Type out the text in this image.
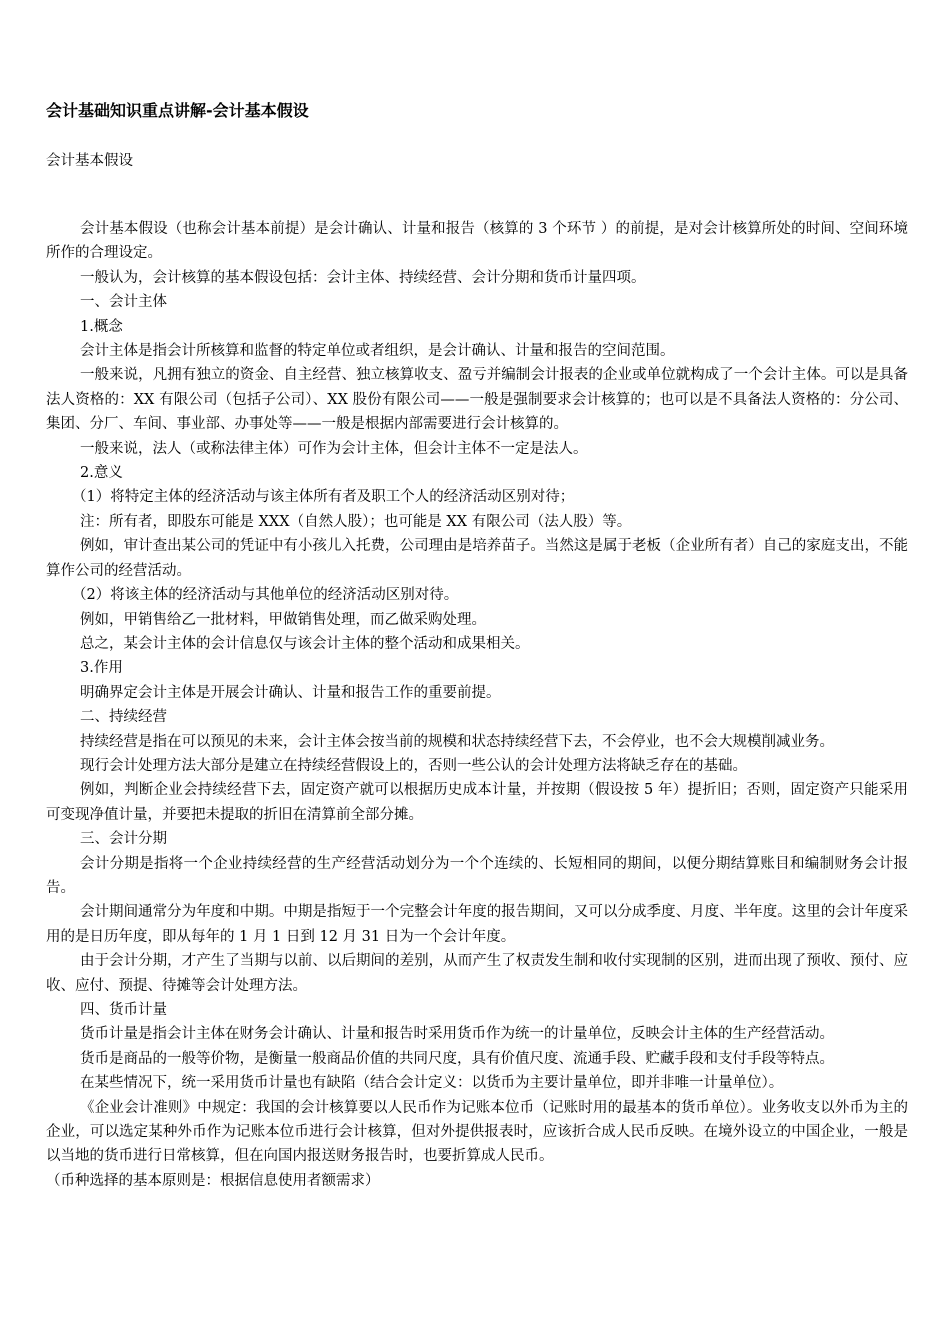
会计基础知识重点讲解-会计基本假设

会计基本假设

会计基本假设（也称会计基本前提）是会计确认、计量和报告（核算的 3 个环节 ）的前提，是对会计核算所处的时间、空间环境所作的合理设定。

一般认为，会计核算的基本假设包括：会计主体、持续经营、会计分期和货币计量四项。

一、会计主体

1.概念

会计主体是指会计所核算和监督的特定单位或者组织，是会计确认、计量和报告的空间范围。

一般来说，凡拥有独立的资金、自主经营、独立核算收支、盈亏并编制会计报表的企业或单位就构成了一个会计主体。可以是具备法人资格的：XX 有限公司（包括子公司）、XX 股份有限公司——一般是强制要求会计核算的；也可以是不具备法人资格的：分公司、集团、分厂、车间、事业部、办事处等——一般是根据内部需要进行会计核算的。

一般来说，法人（或称法律主体）可作为会计主体，但会计主体不一定是法人。

2.意义

（1）将特定主体的经济活动与该主体所有者及职工个人的经济活动区别对待；

注：所有者，即股东可能是 XXX（自然人股）；也可能是 XX 有限公司（法人股）等。

例如，审计查出某公司的凭证中有小孩儿入托费，公司理由是培养苗子。当然这是属于老板（企业所有者）自己的家庭支出，不能算作公司的经营活动。

（2）将该主体的经济活动与其他单位的经济活动区别对待。

例如，甲销售给乙一批材料，甲做销售处理，而乙做采购处理。

总之，某会计主体的会计信息仅与该会计主体的整个活动和成果相关。

3.作用

明确界定会计主体是开展会计确认、计量和报告工作的重要前提。

二、持续经营

持续经营是指在可以预见的未来，会计主体会按当前的规模和状态持续经营下去，不会停业，也不会大规模削减业务。

现行会计处理方法大部分是建立在持续经营假设上的，否则一些公认的会计处理方法将缺乏存在的基础。

例如，判断企业会持续经营下去，固定资产就可以根据历史成本计量，并按期（假设按 5 年）提折旧；否则，固定资产只能采用可变现净值计量，并要把未提取的折旧在清算前全部分摊。

三、会计分期

会计分期是指将一个企业持续经营的生产经营活动划分为一个个连续的、长短相同的期间，以便分期结算账目和编制财务会计报告。

会计期间通常分为年度和中期。中期是指短于一个完整会计年度的报告期间，又可以分成季度、月度、半年度。这里的会计年度采用的是日历年度，即从每年的 1 月 1 日到 12 月 31 日为一个会计年度。

由于会计分期，才产生了当期与以前、以后期间的差别，从而产生了权责发生制和收付实现制的区别，进而出现了预收、预付、应收、应付、预提、待摊等会计处理方法。

四、货币计量

货币计量是指会计主体在财务会计确认、计量和报告时采用货币作为统一的计量单位，反映会计主体的生产经营活动。

货币是商品的一般等价物，是衡量一般商品价值的共同尺度，具有价值尺度、流通手段、贮藏手段和支付手段等特点。

在某些情况下，统一采用货币计量也有缺陷（结合会计定义：以货币为主要计量单位，即并非唯一计量单位）。

《企业会计准则》中规定：我国的会计核算要以人民币作为记账本位币（记账时用的最基本的货币单位）。业务收支以外币为主的企业，可以选定某种外币作为记账本位币进行会计核算，但对外提供报表时，应该折合成人民币反映。在境外设立的中国企业，一般是以当地的货币进行日常核算，但在向国内报送财务报告时，也要折算成人民币。

（币种选择的基本原则是：根据信息使用者额需求）
